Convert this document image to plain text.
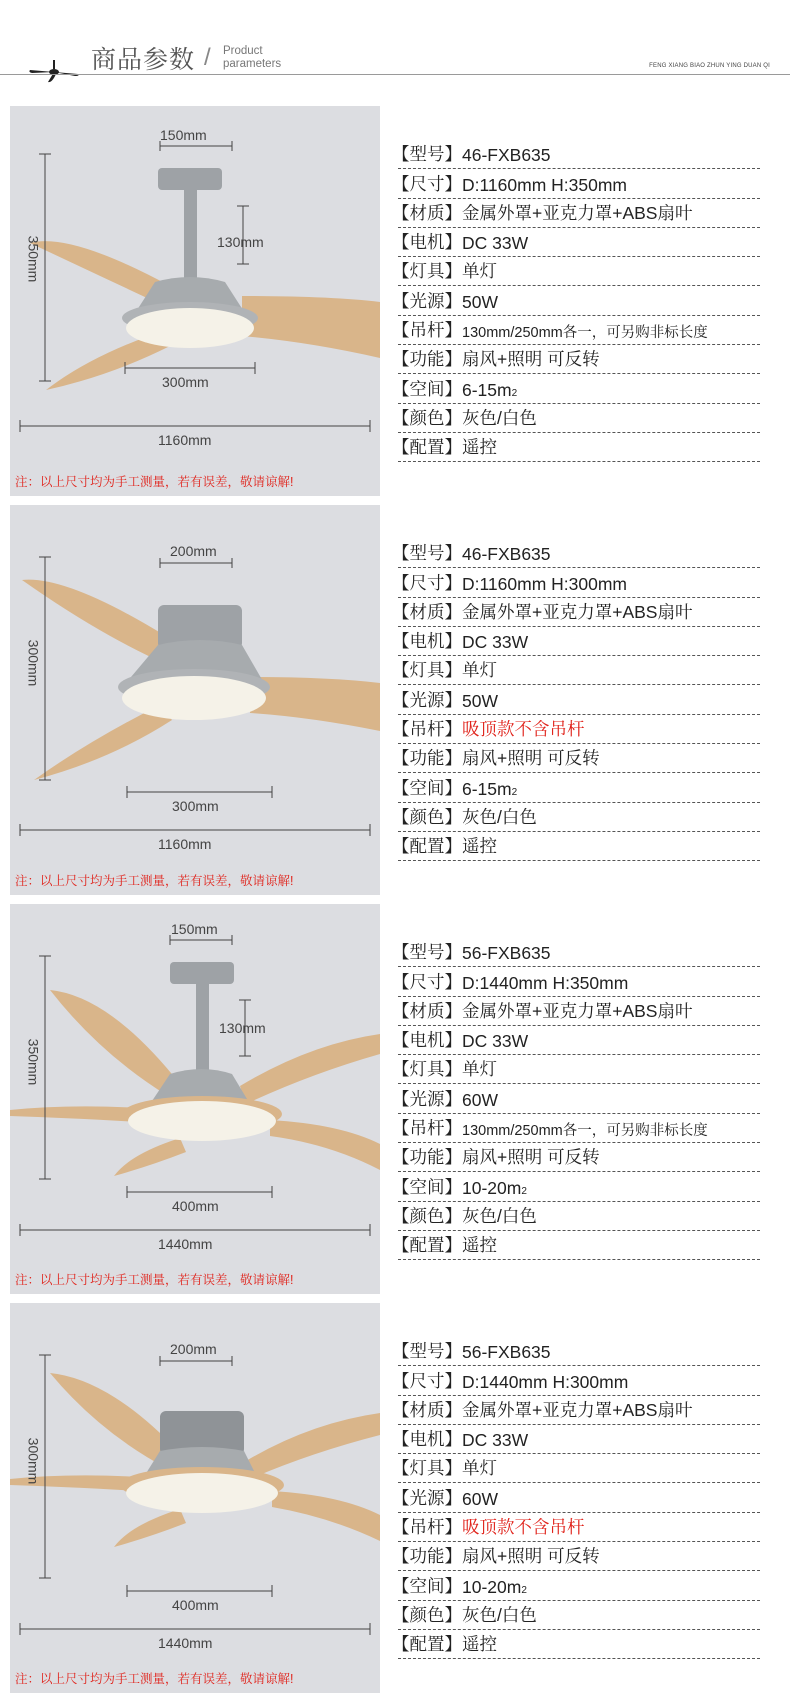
商品参数 / Product
parameters	FENG XIANG BIAO ZHUN YING DUAN QI
150mm
130mm
350mm
300mm
1160mm
注：以上尺寸均为手工测量，若有误差，敬请谅解!
【型号】 46-FXB635
【尺寸】 D:1160mm H:350mm
【材质】 金属外罩+亚克力罩+ABS扇叶
【电机】 DC 33W
【灯具】 单灯
【光源】 50W
【吊杆】 130mm/250mm各一，可另购非标长度
【功能】 扇风+照明 可反转
【空间】 $6-15m^2$
【颜色】 灰色/白色
【配置】 遥控
200mm
300mm
300mm
1160mm
注：以上尺寸均为手工测量，若有误差，敬请谅解!
【型号】 46-FXB635
【尺寸】 D:1160mm H:300mm
【材质】 金属外罩+亚克力罩+ABS扇叶
【电机】 DC 33W
【灯具】 单灯
【光源】 50W
【吊杆】 吸顶款不含吊杆
【功能】 扇风+照明 可反转
【空间】 $6-15m^2$
【颜色】 灰色/白色
【配置】 遥控
150mm
130mm
350mm
400mm
1440mm
注：以上尺寸均为手工测量，若有误差，敬请谅解!
【型号】 56-FXB635
【尺寸】 D:1440mm H:350mm
【材质】 金属外罩+亚克力罩+ABS扇叶
【电机】 DC 33W
【灯具】 单灯
【光源】 60W
【吊杆】 130mm/250mm各一，可另购非标长度
【功能】 扇风+照明 可反转
【空间】 $10-20m^2$
【颜色】 灰色/白色
【配置】 遥控
200mm
300mm
400mm
1440mm
注：以上尺寸均为手工测量，若有误差，敬请谅解!
【型号】 56-FXB635
【尺寸】 D:1440mm H:300mm
【材质】 金属外罩+亚克力罩+ABS扇叶
【电机】 DC 33W
【灯具】 单灯
【光源】 60W
【吊杆】 吸顶款不含吊杆
【功能】 扇风+照明 可反转
【空间】 $10-20m^2$
【颜色】 灰色/白色
【配置】 遥控
